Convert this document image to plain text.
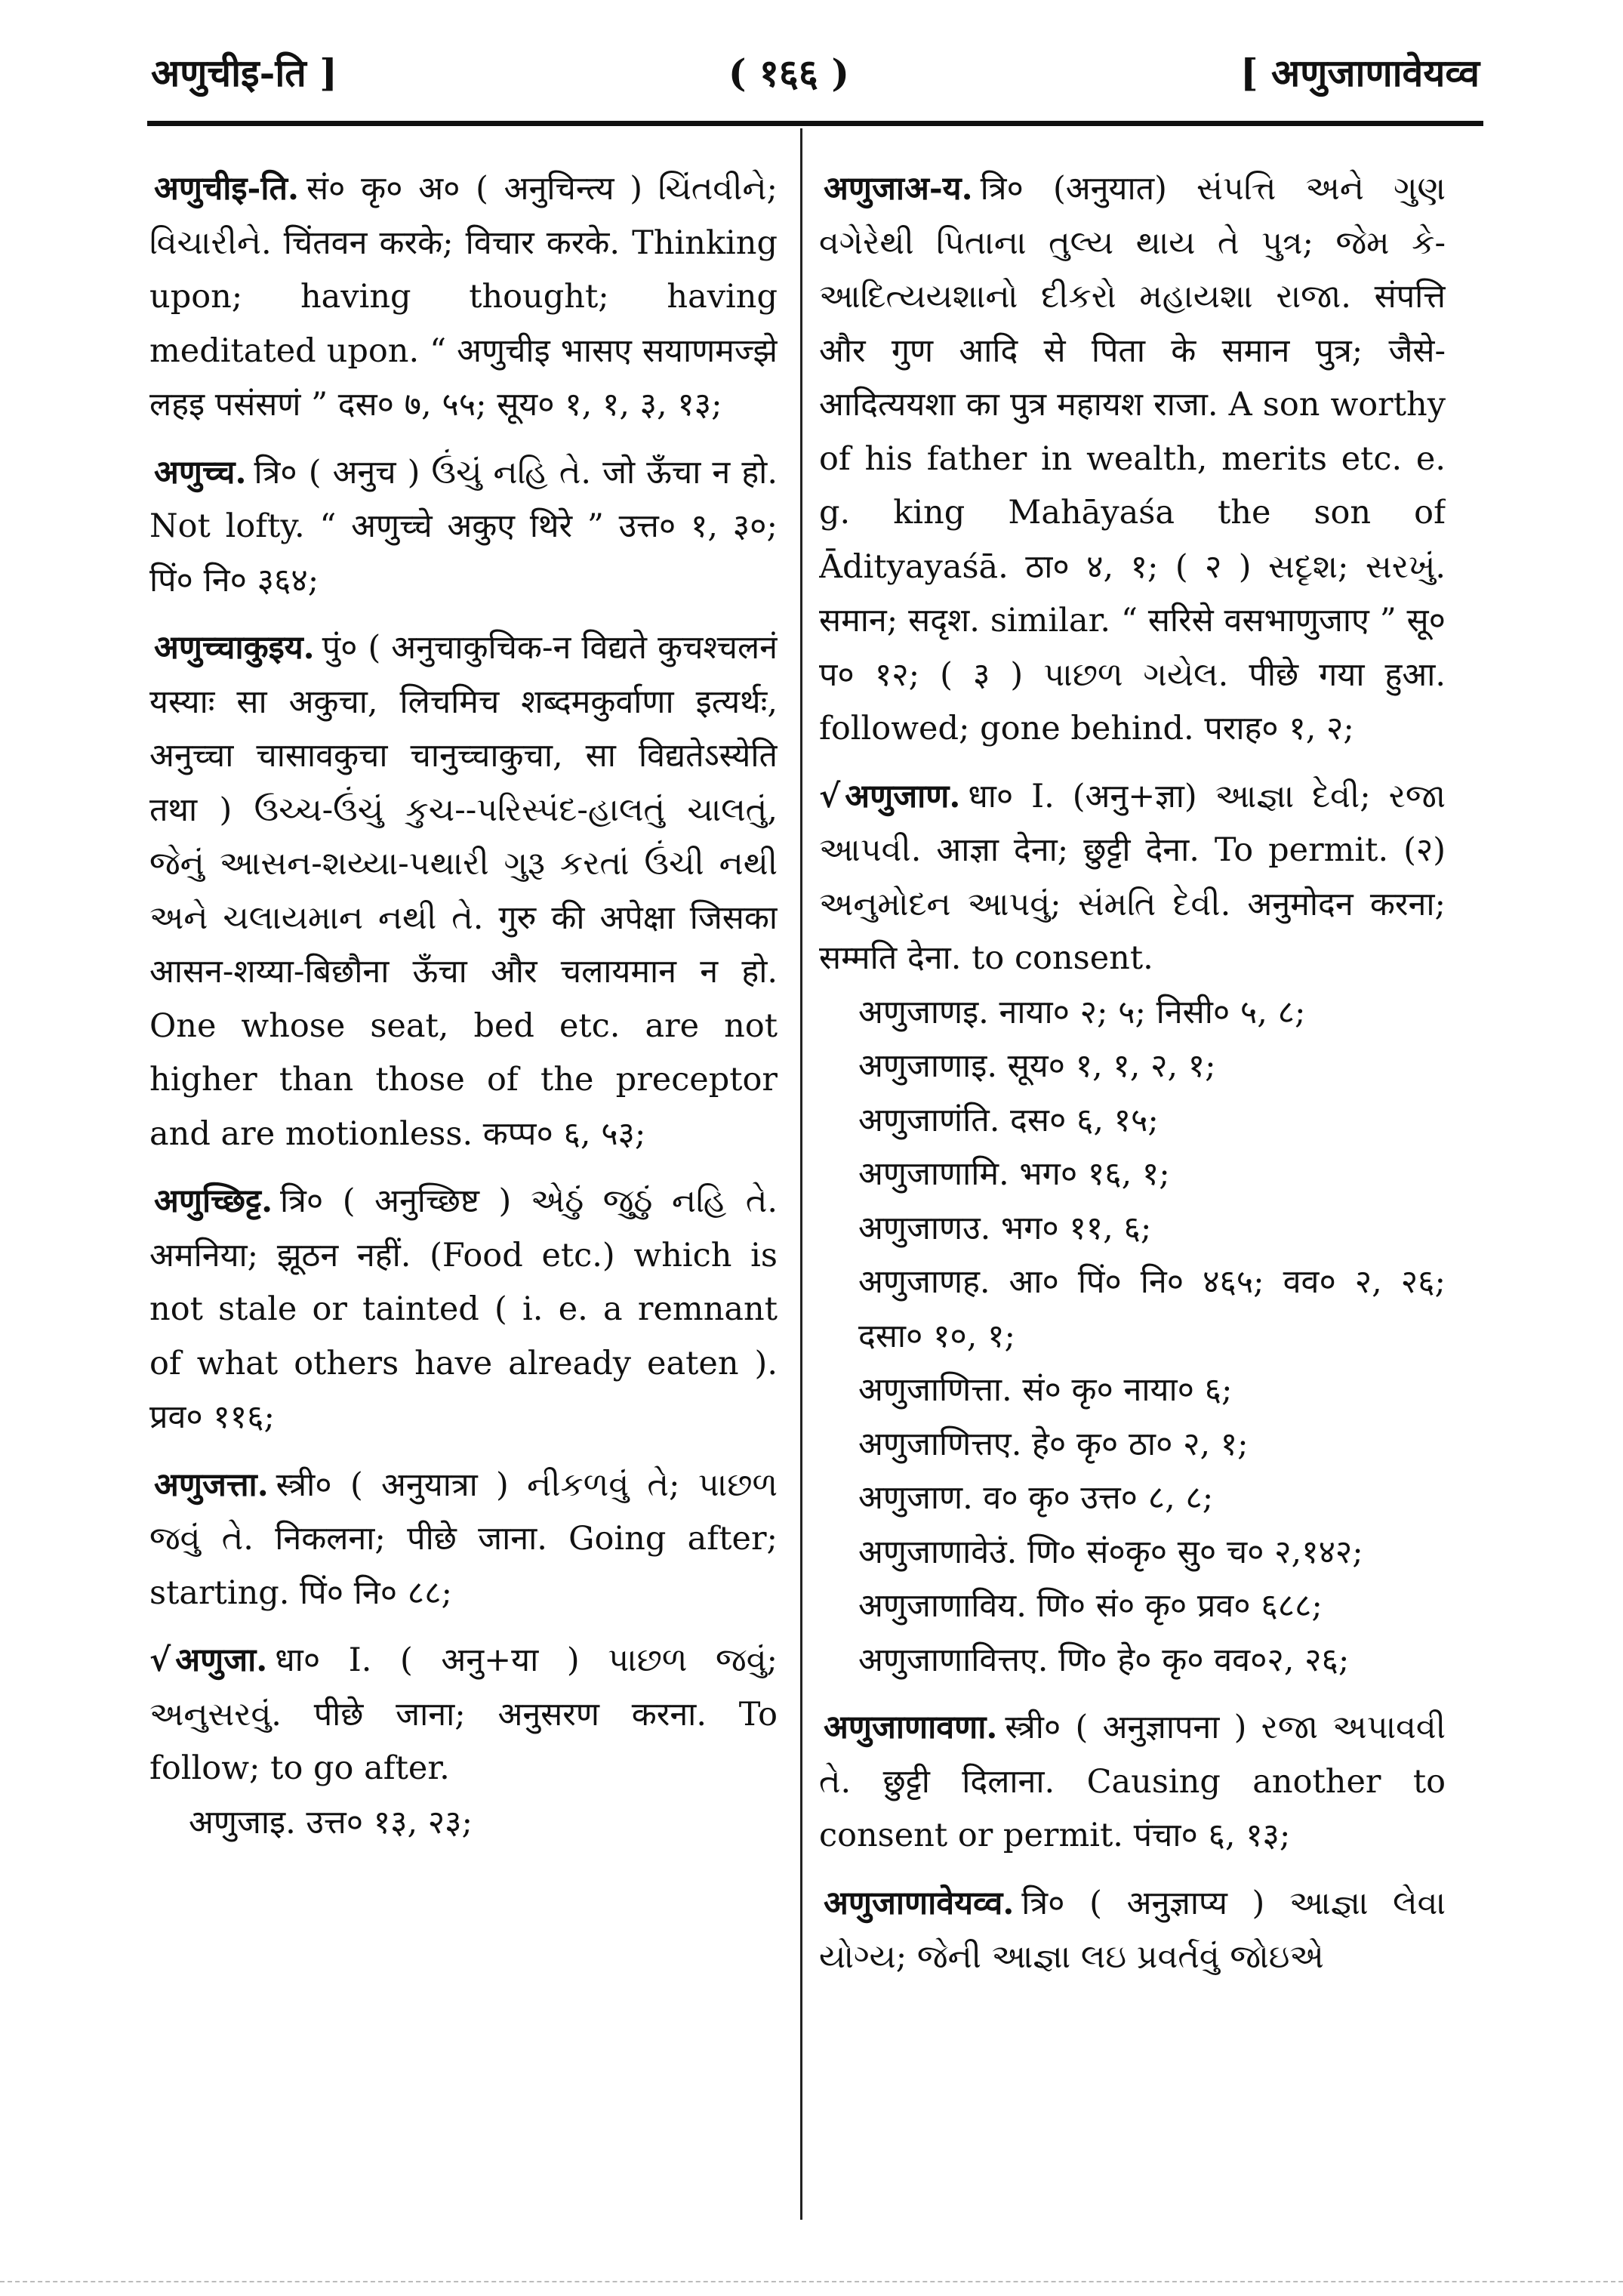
अणुचीइ-ति ]	( १६६ )	[ अणुजाणावेयव्व
अणुचीइ-ति. सं० कृ० अ० ( अनुचिन्त्य ) ચિંતવીને; વિચારીને. चिंतवन करके; विचार करके. Thinking upon; having thought; having meditated upon. “ अणुचीइ भासए सयाणमज्झे लहइ पसंसणं ” दस० ७, ५५; सूय० १, १, ३, १३;
अणुच्च. त्रि० ( अनुच ) ઉંચું નહિ તે. जो ऊँचा न हो. Not lofty. “ अणुच्चे अकुए थिरे ” उत्त० १, ३०; पिं० नि० ३६४;
अणुच्चाकुइय. पुं० ( अनुचाकुचिक-न विद्यते कुचश्चलनं यस्याः सा अकुचा, लिचमिच शब्दमकुर्वाणा इत्यर्थः, अनुच्चा चासावकुचा चानुच्चाकुचा, सा विद्यतेऽस्येति तथा ) ઉચ્ચ-ઉંચું કુચ--પરિસ્પંદ-હાલતું ચાલતું, જેનું આસન-શય્યા-પથારી ગુરૂ કરતાં ઉંચી નથી અને ચલાયમાન નથી તે. गुरु की अपेक्षा जिसका आसन-शय्या-बिछौना ऊँचा और चलायमान न हो. One whose seat, bed etc. are not higher than those of the preceptor and are motionless. कप्प० ६, ५३;
अणुच्छिट्ट. त्रि० ( अनुच्छिष्ट ) એઠું જુઠું નહિ તે. अमनिया; झूठन नहीं. (Food etc.) which is not stale or tainted ( i. e. a remnant of what others have already eaten ). प्रव० ११६;
अणुजत्ता. स्त्री० ( अनुयात्रा ) નીકળવું તે; પાછળ જવું તે. निकलना; पीछे जाना. Going after; starting. पिं० नि० ८८;
√ अणुजा. धा० I. ( अनु+या ) પાછળ જવું; અનુસરવું. पीछे जाना; अनुसरण करना. To follow; to go after.
अणुजाइ. उत्त० १३, २३;
अणुजाअ-य. त्रि० (अनुयात) સંપત્તિ અને ગુણ વગેરેથી પિતાના તુલ્ય થાય તે પુત્ર; જેમ કે- આદિત્યયશાનો દીકરો મહાયશા રાજા. संपत्ति और गुण आदि से पिता के समान पुत्र; जैसे- आदित्ययशा का पुत्र महायश राजा. A son worthy of his father in wealth, merits etc. e. g. king Mahāyaśa the son of Ādityayaśā. ठा० ४, १; ( २ ) સદૃશ; સરખું. समान; सदृश. similar. “ सरिसे वसभाणुजाए ” सू० प० १२; ( ३ ) પાછળ ગયેલ. पीछे गया हुआ. followed; gone behind. पराह० १, २;
√ अणुजाण. धा० I. (अनु+ज्ञा) આજ્ઞા દેવી; રજા આપવી. आज्ञा देना; छुट्टी देना. To permit. (२) અનુમોદન આપવું; સંમતિ દેવી. अनुमोदन करना; सम्मति देना. to consent.
अणुजाणइ. नाया० २; ५; निसी० ५, ८;
अणुजाणाइ. सूय० १, १, २, १;
अणुजाणंति. दस० ६, १५;
अणुजाणामि. भग० १६, १;
अणुजाणउ. भग० ११, ६;
अणुजाणह. आ० पिं० नि० ४६५; वव० २, २६; दसा० १०, १;
अणुजाणित्ता. सं० कृ० नाया० ६;
अणुजाणित्तए. हे० कृ० ठा० २, १;
अणुजाण. व० कृ० उत्त० ८, ८;
अणुजाणावेउं. णि० सं०कृ० सु० च० २,१४२;
अणुजाणाविय. णि० सं० कृ० प्रव० ६८८;
अणुजाणावित्तए. णि० हे० कृ० वव०२, २६;
अणुजाणावणा. स्त्री० ( अनुज्ञापना ) રજા અપાવવી તે. छुट्टी दिलाना. Causing another to consent or permit. पंचा० ६, १३;
अणुजाणावेयव्व. त्रि० ( अनुज्ञाप्य ) આજ્ઞા લેવા યોગ્ય; જેની આજ્ઞા લઇ પ્રવર્તવું જોઇએ
